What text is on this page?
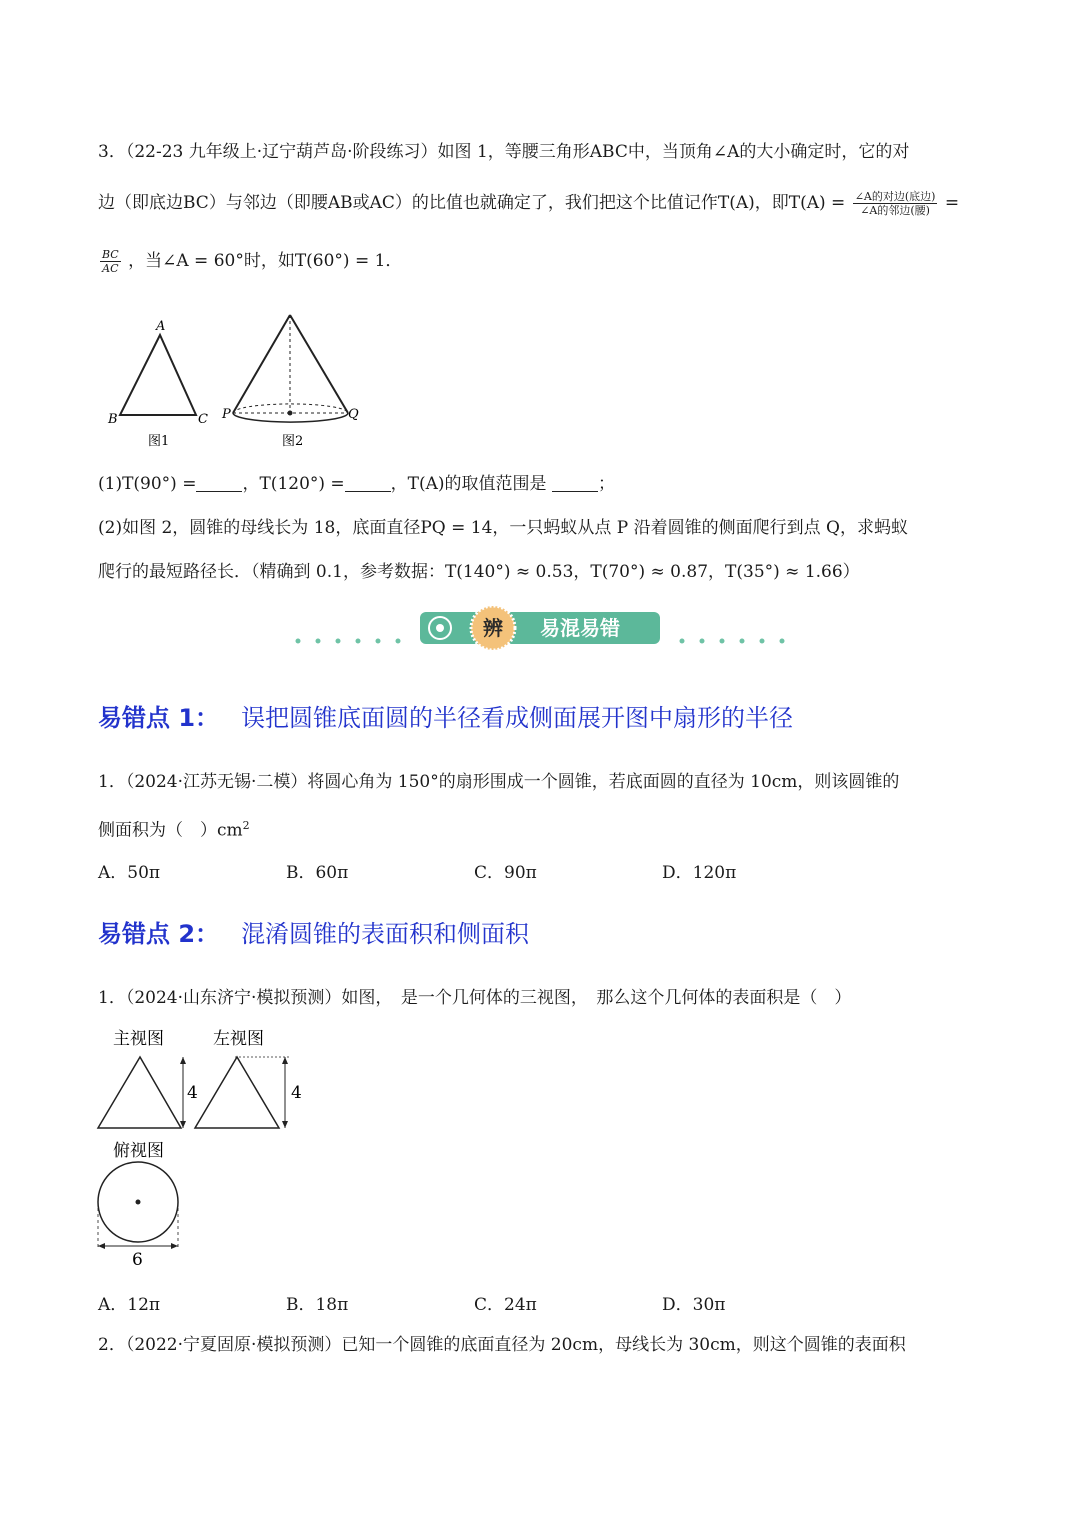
3．（22-23 九年级上·辽宁葫芦岛·阶段练习）如图 1，等腰三角形ABC中，当顶角∠A的大小确定时，它的对
边（即底边BC）与邻边（即腰AB或AC）的比值也就确定了，我们把这个比值记作T(A)，即$T(A) = \frac{\text{∠A的对边(底边)}}{\text{∠A的邻边(腰)}}$ =
$\frac{BC}{AC}$ ，当∠A = 60°时，如T(60°) = 1．
A
B	C
图1
P	Q
图2
(1)T(90°) =	，T(120°) =	，T(A)的取值范围是	；
(2)如图 2，圆锥的母线长为 18，底面直径PQ = 14，一只蚂蚁从点 P 沿着圆锥的侧面爬行到点 Q，求蚂蚁
爬行的最短路径长．（精确到 0.1，参考数据：T(140°) ≈ 0.53，T(70°) ≈ 0.87，T(35°) ≈ 1.66）
辨 易混易错
易错点 1： 误把圆锥底面圆的半径看成侧面展开图中扇形的半径
1．（2024·江苏无锡·二模）将圆心角为 150°的扇形围成一个圆锥，若底面圆的直径为 10cm，则该圆锥的
侧面积为（　）$cm^2$
A．50π	B．60π	C．90π	D．120π
易错点 2： 混淆圆锥的表面积和侧面积
1．（2024·山东济宁·模拟预测）如图，　是一个几何体的三视图，　那么这个几何体的表面积是（　）
主视图	左视图
4	4
俯视图
6
A．12π	B．18π	C．24π	D．30π
2．（2022·宁夏固原·模拟预测）已知一个圆锥的底面直径为 20cm，母线长为 30cm，则这个圆锥的表面积
